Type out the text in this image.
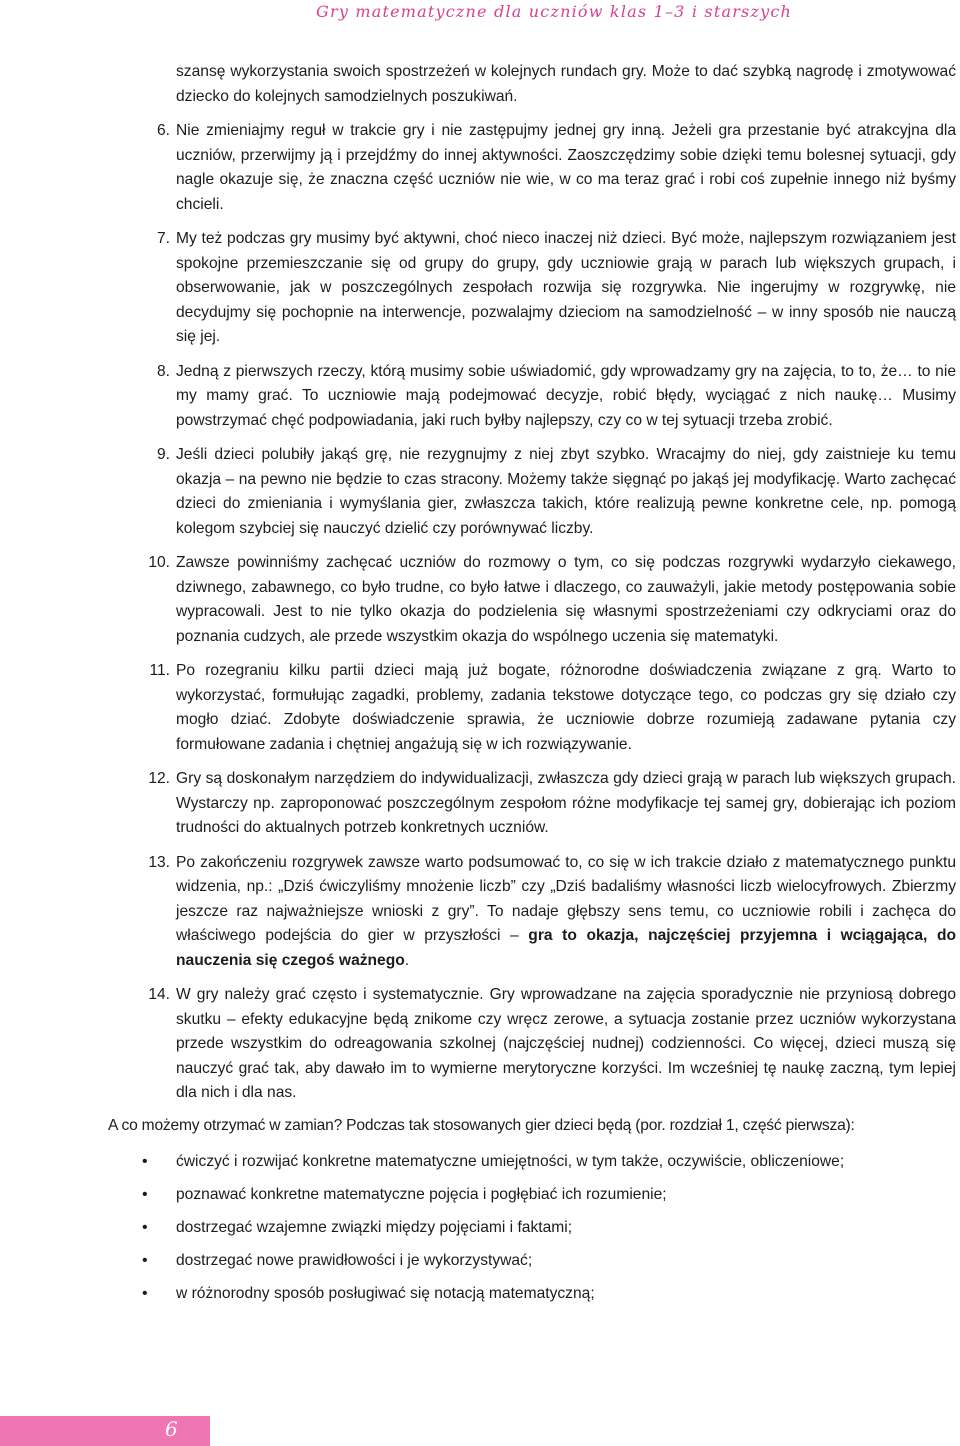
Gry matematyczne dla uczniów klas 1–3 i starszych

szansę wykorzystania swoich spostrzeżeń w kolejnych rundach gry. Może to dać szybką nagrodę i zmotywować dziecko do kolejnych samodzielnych poszukiwań.

6. Nie zmieniajmy reguł w trakcie gry i nie zastępujmy jednej gry inną. Jeżeli gra przestanie być atrakcyjna dla uczniów, przerwijmy ją i przejdźmy do innej aktywności. Zaoszczędzimy sobie dzięki temu bolesnej sytuacji, gdy nagle okazuje się, że znaczna część uczniów nie wie, w co ma teraz grać i robi coś zupełnie innego niż byśmy chcieli.

7. My też podczas gry musimy być aktywni, choć nieco inaczej niż dzieci. Być może, najlepszym rozwiązaniem jest spokojne przemieszczanie się od grupy do grupy, gdy uczniowie grają w parach lub większych grupach, i obserwowanie, jak w poszczególnych zespołach rozwija się rozgrywka. Nie ingerujmy w rozgrywkę, nie decydujmy się pochopnie na interwencje, pozwalajmy dzieciom na samodzielność – w inny sposób nie nauczą się jej.

8. Jedną z pierwszych rzeczy, którą musimy sobie uświadomić, gdy wprowadzamy gry na zajęcia, to to, że… to nie my mamy grać. To uczniowie mają podejmować decyzje, robić błędy, wyciągać z nich naukę… Musimy powstrzymać chęć podpowiadania, jaki ruch byłby najlepszy, czy co w tej sytuacji trzeba zrobić.

9. Jeśli dzieci polubiły jakąś grę, nie rezygnujmy z niej zbyt szybko. Wracajmy do niej, gdy zaistnieje ku temu okazja – na pewno nie będzie to czas stracony. Możemy także sięgnąć po jakąś jej modyfikację. Warto zachęcać dzieci do zmieniania i wymyślania gier, zwłaszcza takich, które realizują pewne konkretne cele, np. pomogą kolegom szybciej się nauczyć dzielić czy porównywać liczby.

10. Zawsze powinniśmy zachęcać uczniów do rozmowy o tym, co się podczas rozgrywki wydarzyło ciekawego, dziwnego, zabawnego, co było trudne, co było łatwe i dlaczego, co zauważyli, jakie metody postępowania sobie wypracowali. Jest to nie tylko okazja do podzielenia się własnymi spostrzeżeniami czy odkryciami oraz do poznania cudzych, ale przede wszystkim okazja do wspólnego uczenia się matematyki.

11. Po rozegraniu kilku partii dzieci mają już bogate, różnorodne doświadczenia związane z grą. Warto to wykorzystać, formułując zagadki, problemy, zadania tekstowe dotyczące tego, co podczas gry się działo czy mogło dziać. Zdobyte doświadczenie sprawia, że uczniowie dobrze rozumieją zadawane pytania czy formułowane zadania i chętniej angażują się w ich rozwiązywanie.

12. Gry są doskonałym narzędziem do indywidualizacji, zwłaszcza gdy dzieci grają w parach lub większych grupach. Wystarczy np. zaproponować poszczególnym zespołom różne modyfikacje tej samej gry, dobierając ich poziom trudności do aktualnych potrzeb konkretnych uczniów.

13. Po zakończeniu rozgrywek zawsze warto podsumować to, co się w ich trakcie działo z matematycznego punktu widzenia, np.: „Dziś ćwiczyliśmy mnożenie liczb” czy „Dziś badaliśmy własności liczb wielocyfrowych. Zbierzmy jeszcze raz najważniejsze wnioski z gry”. To nadaje głębszy sens temu, co uczniowie robili i zachęca do właściwego podejścia do gier w przyszłości – gra to okazja, najczęściej przyjemna i wciągająca, do nauczenia się czegoś ważnego.

14. W gry należy grać często i systematycznie. Gry wprowadzane na zajęcia sporadycznie nie przyniosą dobrego skutku – efekty edukacyjne będą znikome czy wręcz zerowe, a sytuacja zostanie przez uczniów wykorzystana przede wszystkim do odreagowania szkolnej (najczęściej nudnej) codzienności. Co więcej, dzieci muszą się nauczyć grać tak, aby dawało im to wymierne merytoryczne korzyści. Im wcześniej tę naukę zaczną, tym lepiej dla nich i dla nas.

A co możemy otrzymać w zamian? Podczas tak stosowanych gier dzieci będą (por. rozdział 1, część pierwsza):

• ćwiczyć i rozwijać konkretne matematyczne umiejętności, w tym także, oczywiście, obliczeniowe;
• poznawać konkretne matematyczne pojęcia i pogłębiać ich rozumienie;
• dostrzegać wzajemne związki między pojęciami i faktami;
• dostrzegać nowe prawidłowości i je wykorzystywać;
• w różnorodny sposób posługiwać się notacją matematyczną;
6
